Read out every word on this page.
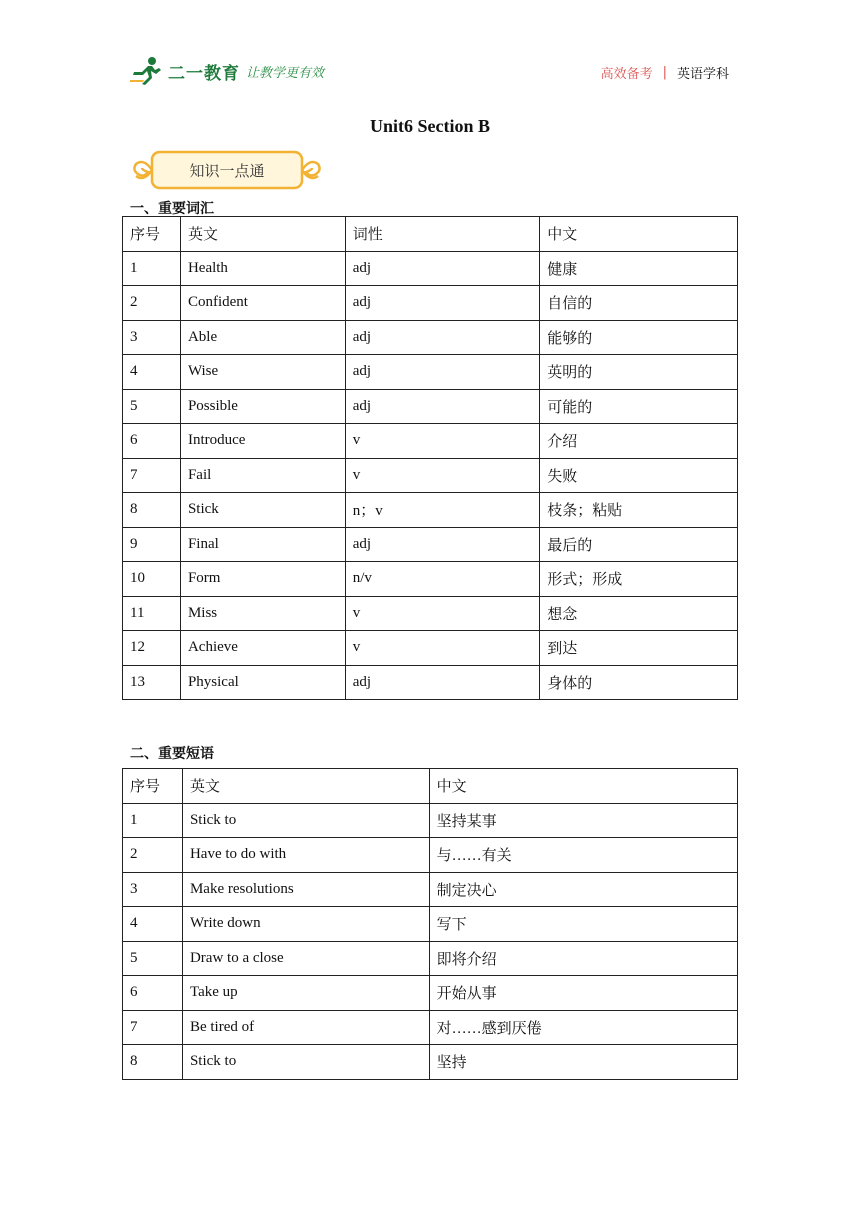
二一教育 让教学更有效	高效备考 | 英语学科
Unit6 Section B
知识一点通
一、重要词汇
序号	英文	词性	中文
1	Health	adj	健康
2	Confident	adj	自信的
3	Able	adj	能够的
4	Wise	adj	英明的
5	Possible	adj	可能的
6	Introduce	v	介绍
7	Fail	v	失败
8	Stick	n；v	枝条；粘贴
9	Final	adj	最后的
10	Form	n/v	形式；形成
11	Miss	v	想念
12	Achieve	v	到达
13	Physical	adj	身体的
二、重要短语
序号	英文	中文
1	Stick to	坚持某事
2	Have to do with	与……有关
3	Make resolutions	制定决心
4	Write down	写下
5	Draw to a close	即将介绍
6	Take up	开始从事
7	Be tired of	对……感到厌倦
8	Stick to	坚持
